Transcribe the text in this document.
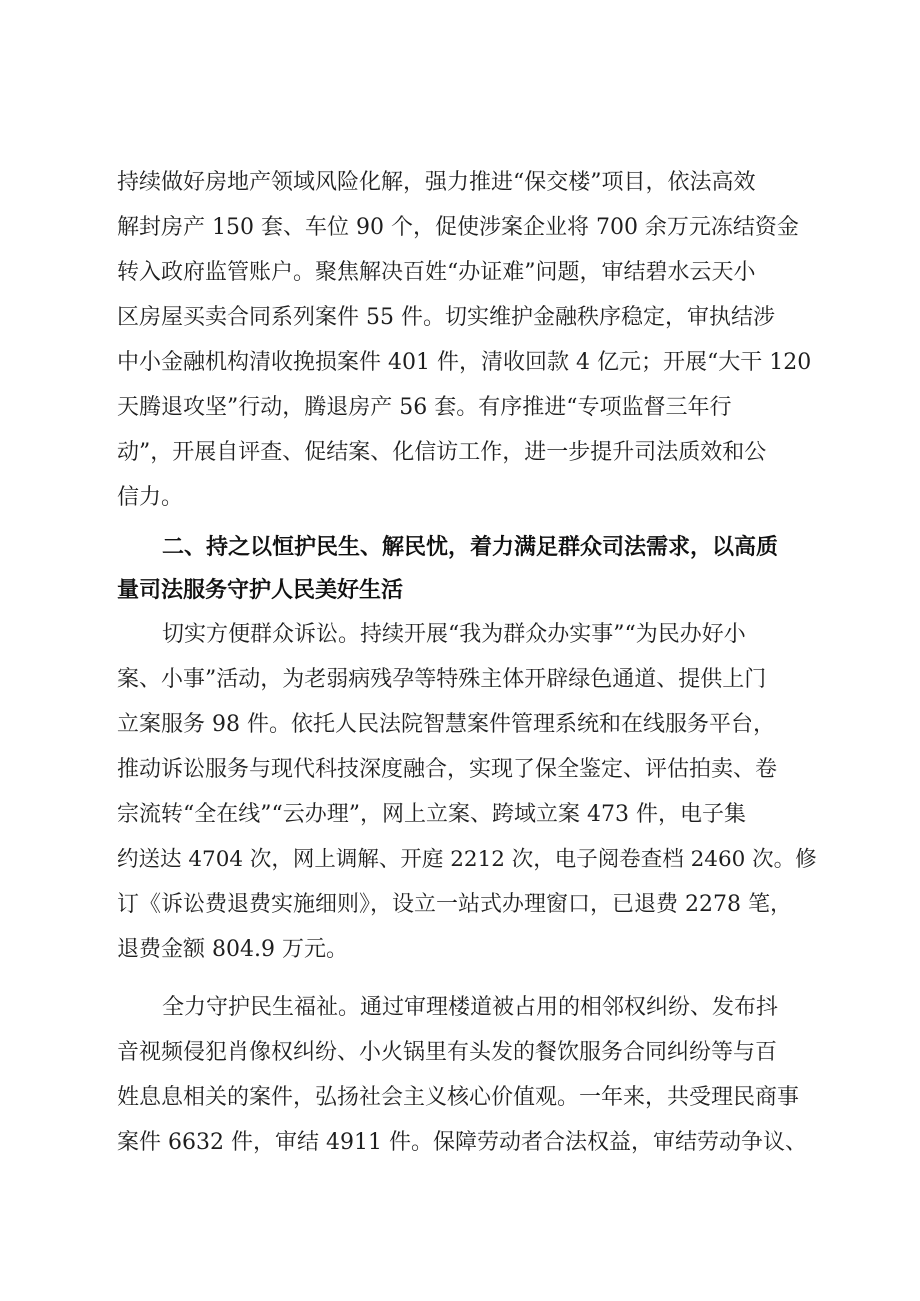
持续做好房地产领域风险化解，强力推进“保交楼”项目，依法高效
解封房产 150 套、车位 90 个，促使涉案企业将 700 余万元冻结资金
转入政府监管账户。聚焦解决百姓“办证难”问题，审结碧水云天小
区房屋买卖合同系列案件 55 件。切实维护金融秩序稳定，审执结涉
中小金融机构清收挽损案件 401 件，清收回款 4 亿元；开展“大干 120
天腾退攻坚”行动，腾退房产 56 套。有序推进“专项监督三年行
动”，开展自评查、促结案、化信访工作，进一步提升司法质效和公
信力。
二、持之以恒护民生、解民忧，着力满足群众司法需求，以高质
量司法服务守护人民美好生活
切实方便群众诉讼。持续开展“我为群众办实事”“为民办好小
案、小事”活动，为老弱病残孕等特殊主体开辟绿色通道、提供上门
立案服务 98 件。依托人民法院智慧案件管理系统和在线服务平台，
推动诉讼服务与现代科技深度融合，实现了保全鉴定、评估拍卖、卷
宗流转“全在线”“云办理”，网上立案、跨域立案 473 件，电子集
约送达 4704 次，网上调解、开庭 2212 次，电子阅卷查档 2460 次。修
订《诉讼费退费实施细则》，设立一站式办理窗口，已退费 2278 笔，
退费金额 804.9 万元。
全力守护民生福祉。通过审理楼道被占用的相邻权纠纷、发布抖
音视频侵犯肖像权纠纷、小火锅里有头发的餐饮服务合同纠纷等与百
姓息息相关的案件，弘扬社会主义核心价值观。一年来，共受理民商事
案件 6632 件，审结 4911 件。保障劳动者合法权益，审结劳动争议、
